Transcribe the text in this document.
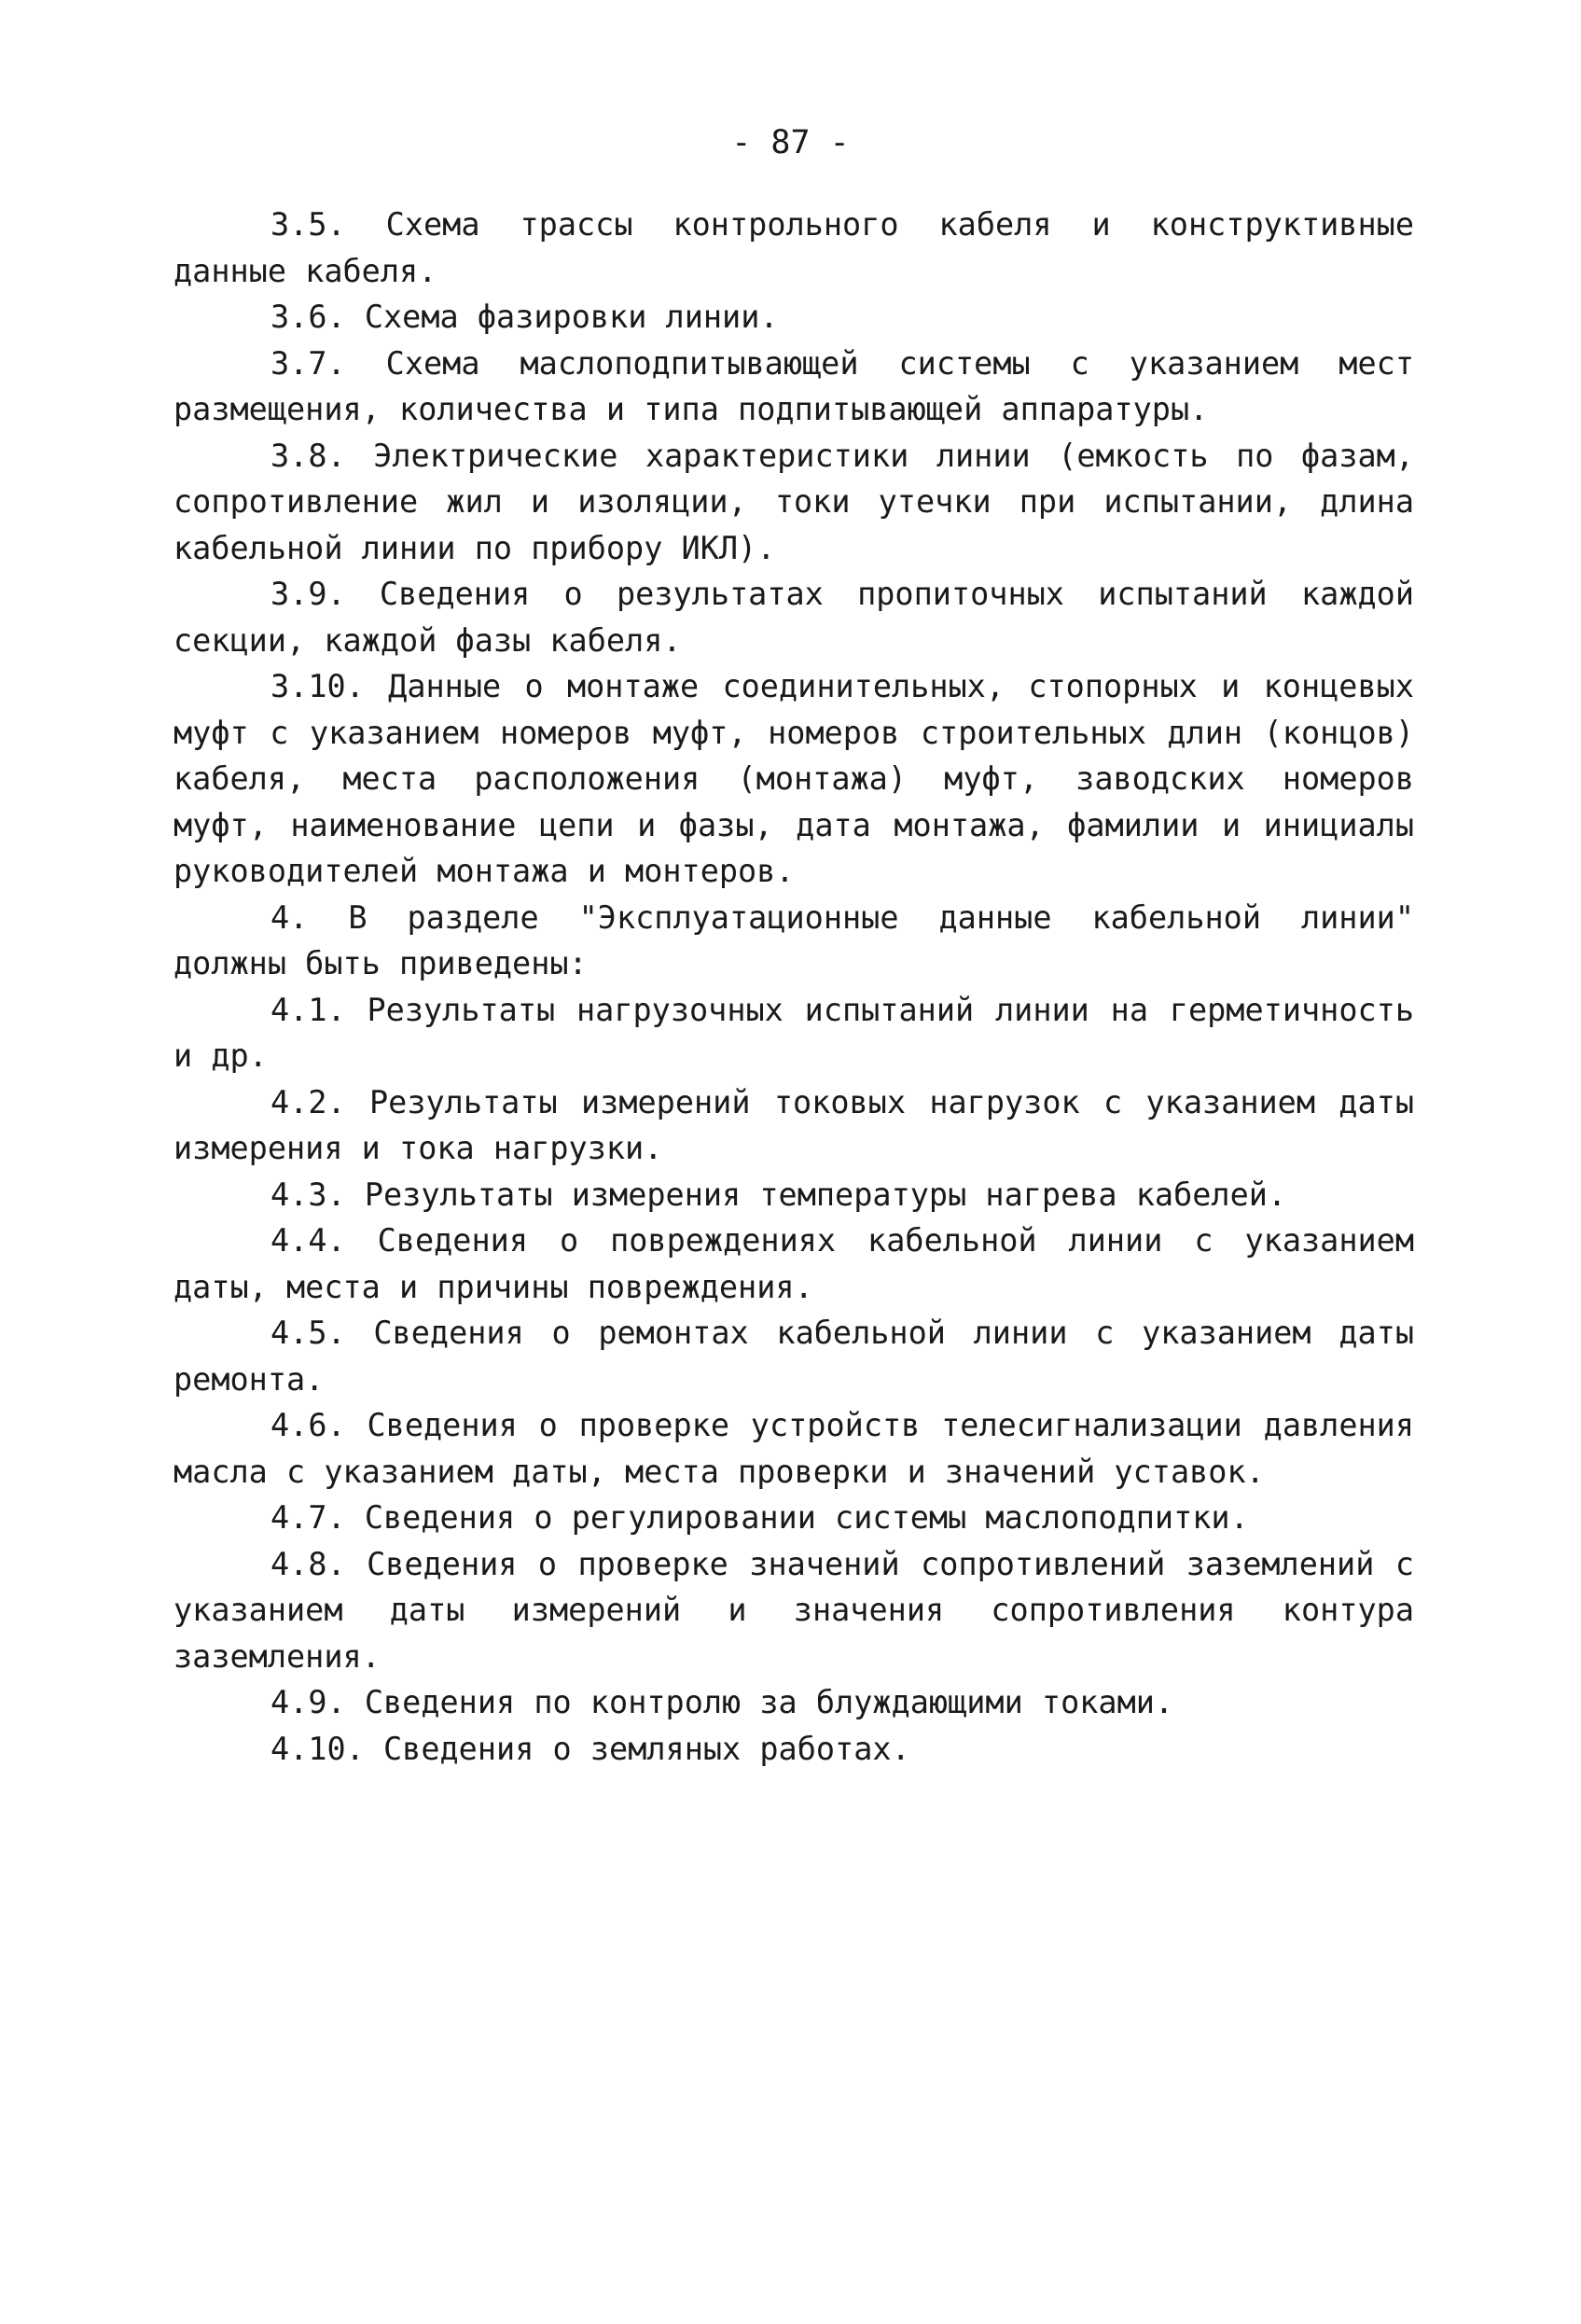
- 87 -

3.5. Схема трассы контрольного кабеля и конструктивные данные кабеля.

3.6. Схема фазировки линии.

3.7. Схема маслоподпитывающей системы с указанием мест размещения, количества и типа подпитывающей аппаратуры.

3.8. Электрические характеристики линии (емкость по фазам, сопротивление жил и изоляции, токи утечки при испытании, длина кабельной линии по прибору ИКЛ).

3.9. Сведения о результатах пропиточных испытаний каждой секции, каждой фазы кабеля.

3.10. Данные о монтаже соединительных, стопорных и концевых муфт с указанием номеров муфт, номеров строительных длин (концов) кабеля, места расположения (монтажа) муфт, заводских номеров муфт, наименование цепи и фазы, дата монтажа, фамилии и инициалы руководителей монтажа и монтеров.

4. В разделе "Эксплуатационные данные кабельной линии" должны быть приведены:

4.1. Результаты нагрузочных испытаний линии на герметичность и др.

4.2. Результаты измерений токовых нагрузок с указанием даты измерения и тока нагрузки.

4.3. Результаты измерения температуры нагрева кабелей.

4.4. Сведения о повреждениях кабельной линии с указанием даты, места и причины повреждения.

4.5. Сведения о ремонтах кабельной линии с указанием даты ремонта.

4.6. Сведения о проверке устройств телесигнализации давления масла с указанием даты, места проверки и значений уставок.

4.7. Сведения о регулировании системы маслоподпитки.

4.8. Сведения о проверке значений сопротивлений заземлений с указанием даты измерений и значения сопротивления контура заземления.

4.9. Сведения по контролю за блуждающими токами.

4.10. Сведения о земляных работах.
